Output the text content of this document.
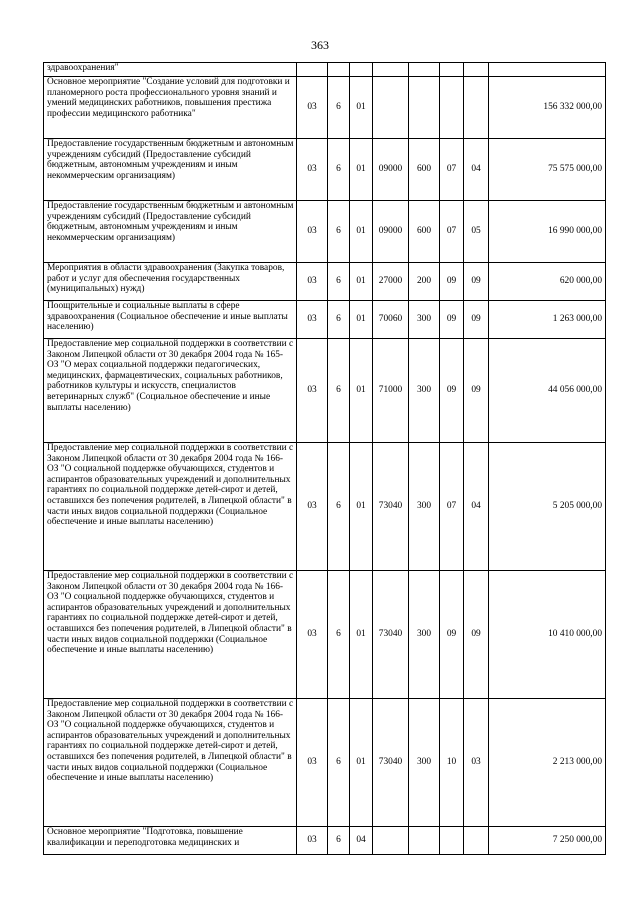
363
здравоохранения"								
Основное мероприятие "Создание условий для подготовки и планомерного роста профессионального уровня знаний и умений медицинских работников, повышения престижа профессии медицинского работника"	03	6	01					156 332 000,00
Предоставление государственным бюджетным и автономным учреждениям субсидий (Предоставление субсидий бюджетным, автономным учреждениям и иным некоммерческим организациям)	03	6	01	09000	600	07	04	75 575 000,00
Предоставление государственным бюджетным и автономным учреждениям субсидий (Предоставление субсидий бюджетным, автономным учреждениям и иным некоммерческим организациям)	03	6	01	09000	600	07	05	16 990 000,00
Мероприятия в области здравоохранения (Закупка товаров, работ и услуг для обеспечения государственных (муниципальных) нужд)	03	6	01	27000	200	09	09	620 000,00
Поощрительные и социальные выплаты в сфере здравоохранения (Социальное обеспечение и иные выплаты населению)	03	6	01	70060	300	09	09	1 263 000,00
Предоставление мер социальной поддержки в соответствии с Законом Липецкой области от 30 декабря 2004 года № 165-ОЗ "О мерах социальной поддержки педагогических, медицинских, фармацевтических, социальных работников, работников культуры и искусств, специалистов ветеринарных служб" (Социальное обеспечение и иные выплаты населению)	03	6	01	71000	300	09	09	44 056 000,00
Предоставление мер социальной поддержки в соответствии с Законом Липецкой области от 30 декабря 2004 года № 166-ОЗ "О социальной поддержке обучающихся, студентов и аспирантов образовательных учреждений и дополнительных гарантиях по социальной поддержке детей-сирот и детей, оставшихся без попечения родителей, в Липецкой области" в части иных видов социальной поддержки (Социальное обеспечение и иные выплаты населению)	03	6	01	73040	300	07	04	5 205 000,00
Предоставление мер социальной поддержки в соответствии с Законом Липецкой области от 30 декабря 2004 года № 166-ОЗ "О социальной поддержке обучающихся, студентов и аспирантов образовательных учреждений и дополнительных гарантиях по социальной поддержке детей-сирот и детей, оставшихся без попечения родителей, в Липецкой области" в части иных видов социальной поддержки (Социальное обеспечение и иные выплаты населению)	03	6	01	73040	300	09	09	10 410 000,00
Предоставление мер социальной поддержки в соответствии с Законом Липецкой области от 30 декабря 2004 года № 166-ОЗ "О социальной поддержке обучающихся, студентов и аспирантов образовательных учреждений и дополнительных гарантиях по социальной поддержке детей-сирот и детей, оставшихся без попечения родителей, в Липецкой области" в части иных видов социальной поддержки (Социальное обеспечение и иные выплаты населению)	03	6	01	73040	300	10	03	2 213 000,00
Основное мероприятие "Подготовка, повышение квалификации и переподготовка медицинских и	03	6	04					7 250 000,00
